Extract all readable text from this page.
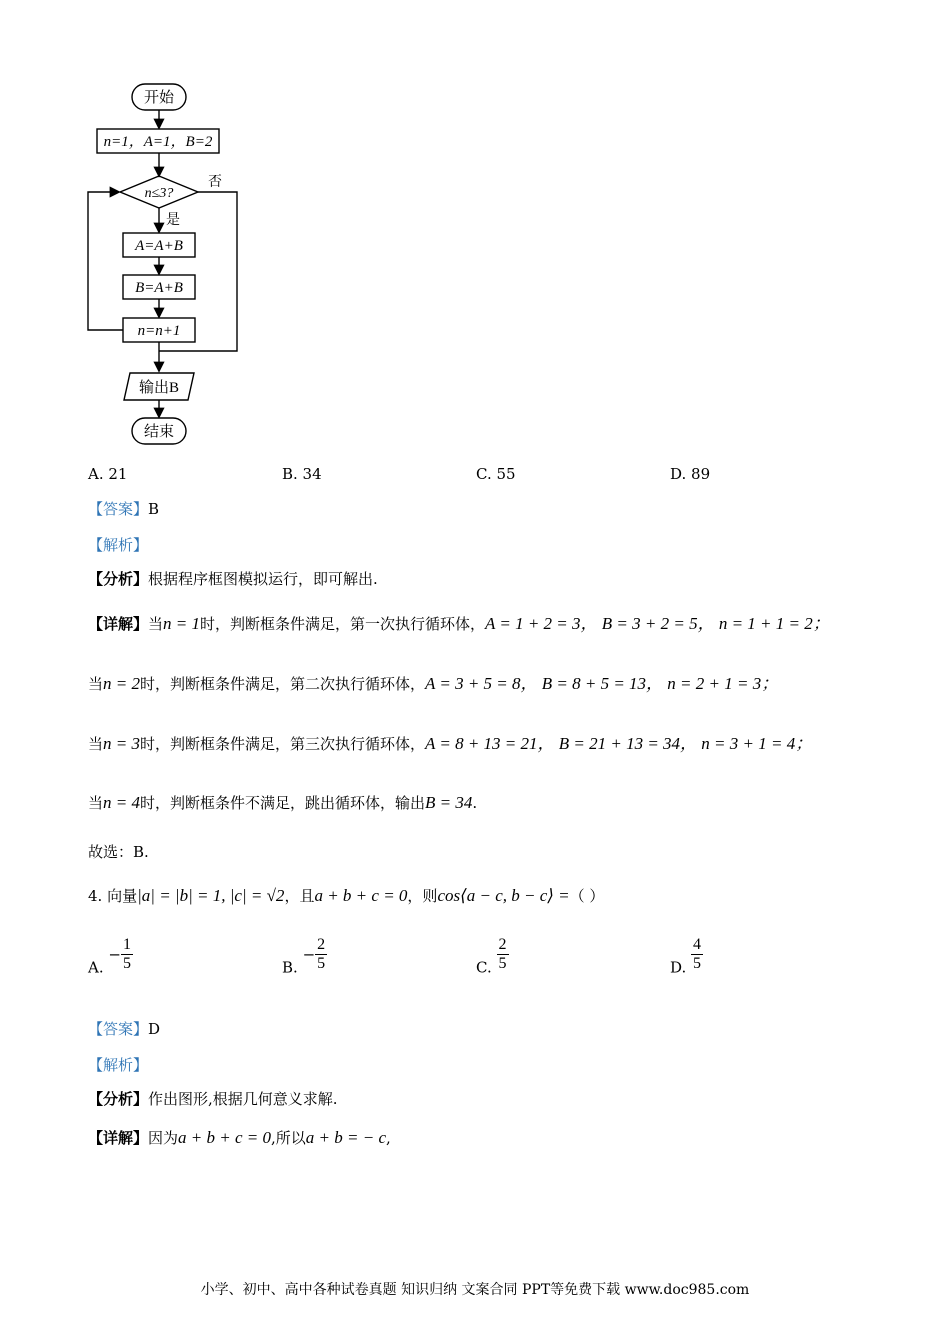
开始
n=1，A=1，B=2
n≤3?
否
是
A=A+B
B=A+B
n=n+1
输出B
结束
A. 21	B. 34	C. 55	D. 89
【答案】B
【解析】
【分析】根据程序框图模拟运行，即可解出.
【详解】当n = 1时，判断框条件满足，第一次执行循环体，A = 1 + 2 = 3， B = 3 + 2 = 5， n = 1 + 1 = 2；
当n = 2时，判断框条件满足，第二次执行循环体，A = 3 + 5 = 8， B = 8 + 5 = 13， n = 2 + 1 = 3；
当n = 3时，判断框条件满足，第三次执行循环体，A = 8 + 13 = 21， B = 21 + 13 = 34， n = 3 + 1 = 4；
当n = 4时，判断框条件不满足，跳出循环体，输出B = 34.
故选：B.
4. 向量|a| = |b| = 1, |c| = √2，且a + b + c = 0，则cos⟨a − c, b − c⟩ =（ ）
A. − $\frac{1}{5}$	B. − $\frac{2}{5}$	C. $\frac{2}{5}$	D. $\frac{4}{5}$
【答案】D
【解析】
【分析】作出图形,根据几何意义求解.
【详解】因为a + b + c = 0,所以a + b = − c,
小学、初中、高中各种试卷真题 知识归纳 文案合同 PPT等免费下载 www.doc985.com
